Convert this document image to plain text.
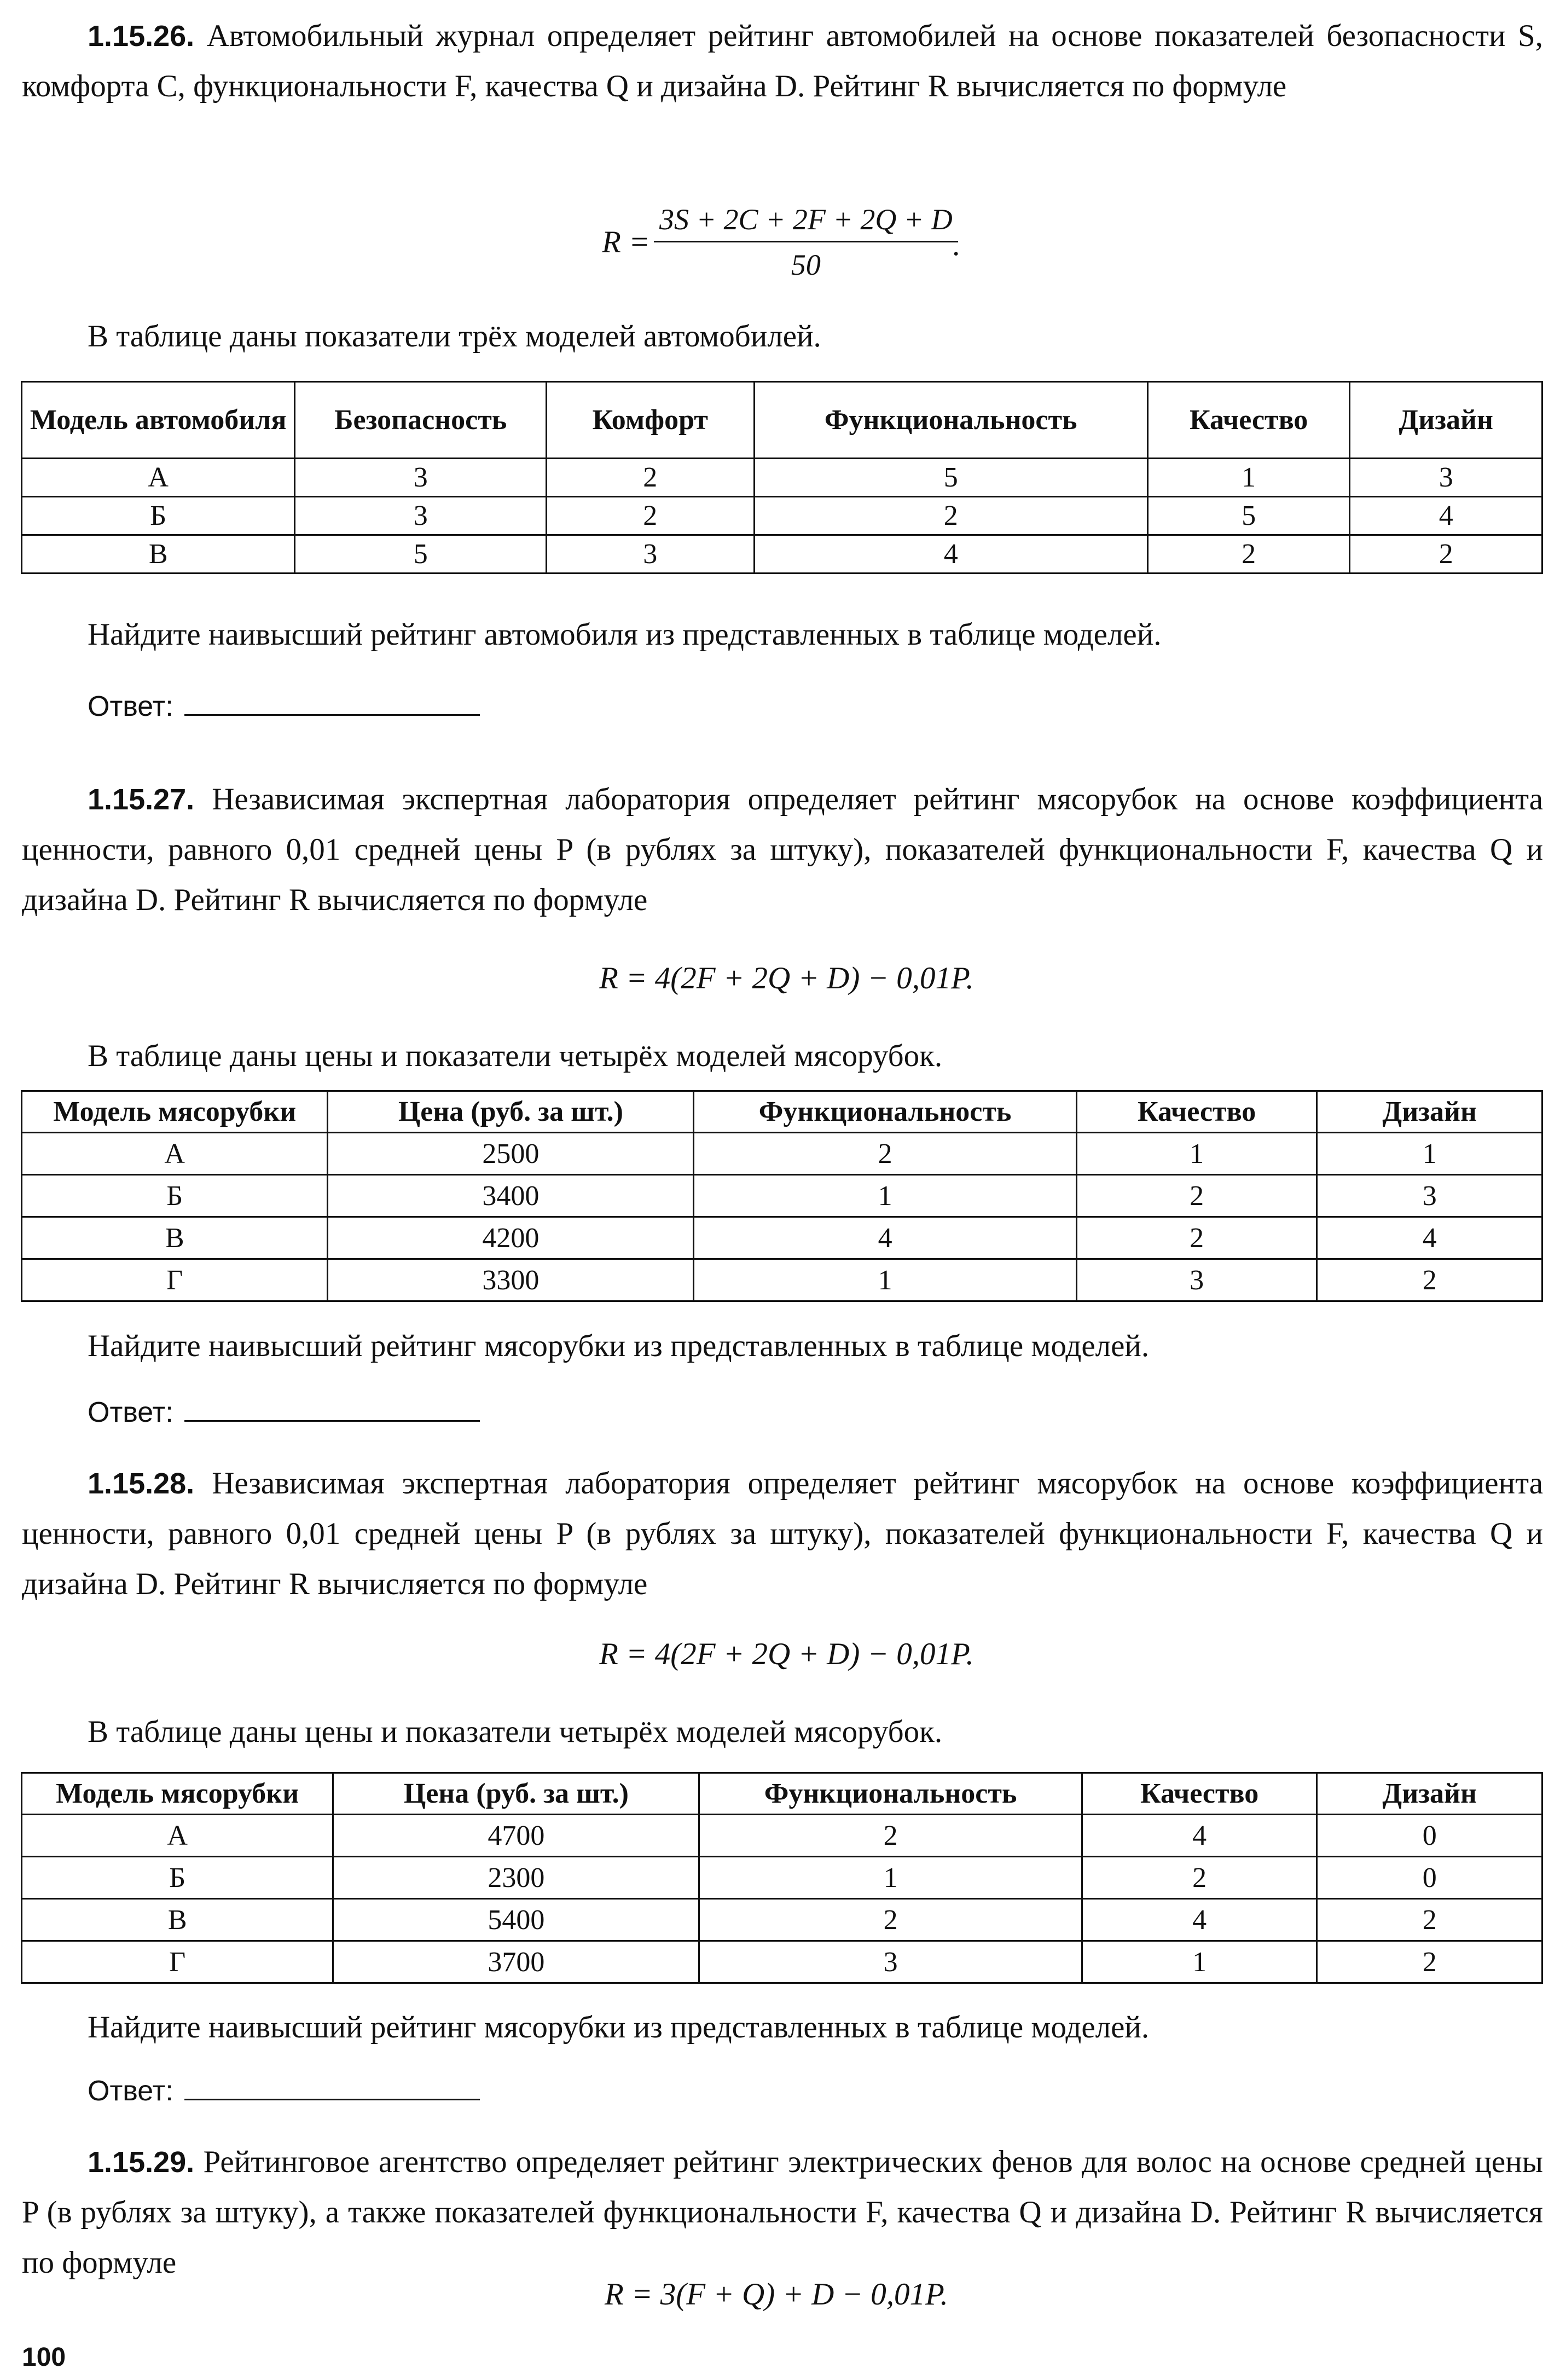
1.15.26. Автомобильный журнал определяет рейтинг автомобилей на основе показателей безопасности S, комфорта C, функциональности F, качества Q и дизайна D. Рейтинг R вычисляется по формуле

$R = \frac{3S + 2C + 2F + 2Q + D}{50}$
.

В таблице даны показатели трёх моделей автомобилей.

Модель автомобиля	Безопасность	Комфорт	Функциональность	Качество	Дизайн
А	3	2	5	1	3
Б	3	2	2	5	4
В	5	3	4	2	2

Найдите наивысший рейтинг автомобиля из представленных в таблице моделей.

Ответ:

1.15.27. Независимая экспертная лаборатория определяет рейтинг мясорубок на основе коэффициента ценности, равного 0,01 средней цены P (в рублях за штуку), показателей функциональности F, качества Q и дизайна D. Рейтинг R вычисляется по формуле

R = 4(2F + 2Q + D) − 0,01P.

В таблице даны цены и показатели четырёх моделей мясорубок.

Модель мясорубки	Цена (руб. за шт.)	Функциональность	Качество	Дизайн
А	2500	2	1	1
Б	3400	1	2	3
В	4200	4	2	4
Г	3300	1	3	2

Найдите наивысший рейтинг мясорубки из представленных в таблице моделей.

Ответ:

1.15.28. Независимая экспертная лаборатория определяет рейтинг мясорубок на основе коэффициента ценности, равного 0,01 средней цены P (в рублях за штуку), показателей функциональности F, качества Q и дизайна D. Рейтинг R вычисляется по формуле

R = 4(2F + 2Q + D) − 0,01P.

В таблице даны цены и показатели четырёх моделей мясорубок.

Модель мясорубки	Цена (руб. за шт.)	Функциональность	Качество	Дизайн
А	4700	2	4	0
Б	2300	1	2	0
В	5400	2	4	2
Г	3700	3	1	2

Найдите наивысший рейтинг мясорубки из представленных в таблице моделей.

Ответ:

1.15.29. Рейтинговое агентство определяет рейтинг электрических фенов для волос на основе средней цены P (в рублях за штуку), а также показателей функциональности F, качества Q и дизайна D. Рейтинг R вычисляется по формуле

R = 3(F + Q) + D − 0,01P.
100
